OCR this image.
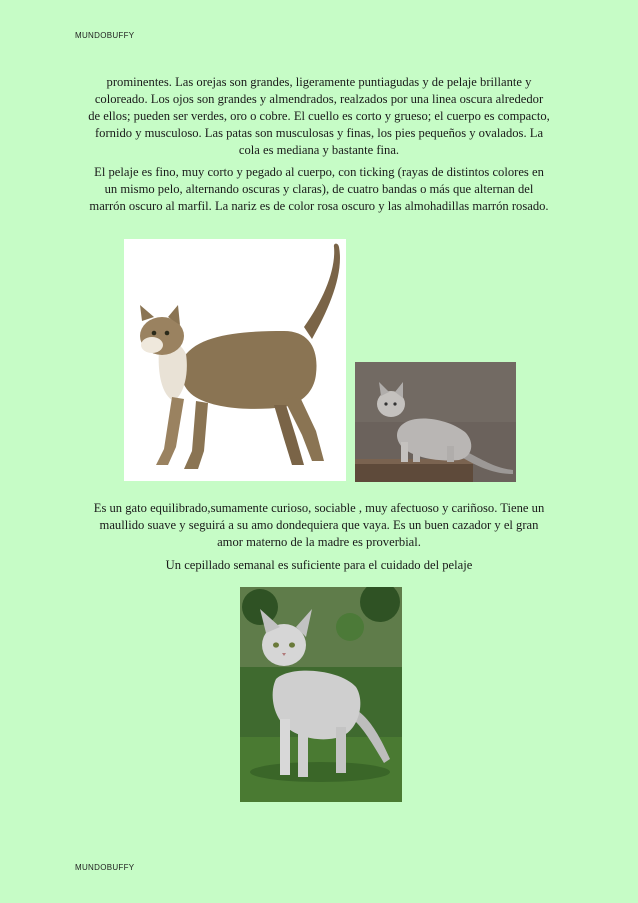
MUNDOBUFFY

prominentes. Las orejas son grandes, ligeramente puntiagudas y de pelaje brillante y coloreado. Los ojos son grandes y almendrados, realzados por una linea oscura alrededor de ellos; pueden ser verdes, oro o cobre. El cuello es corto y grueso; el cuerpo es compacto, fornido y musculoso. Las patas son musculosas y finas, los pies pequeños y ovalados. La cola es mediana y bastante fina.

El pelaje es fino, muy corto y pegado al cuerpo, con ticking (rayas de distintos colores en un mismo pelo, alternando oscuras y claras), de cuatro bandas o más que alternan del marrón oscuro al marfil. La nariz es de color rosa oscuro y las almohadillas marrón rosado.

Es un gato equilibrado,sumamente curioso, sociable , muy afectuoso y cariñoso. Tiene un maullido suave y seguirá a su amo dondequiera que vaya. Es un buen cazador y el gran amor materno de la madre es proverbial.

Un cepillado semanal es suficiente para el cuidado del pelaje

MUNDOBUFFY
